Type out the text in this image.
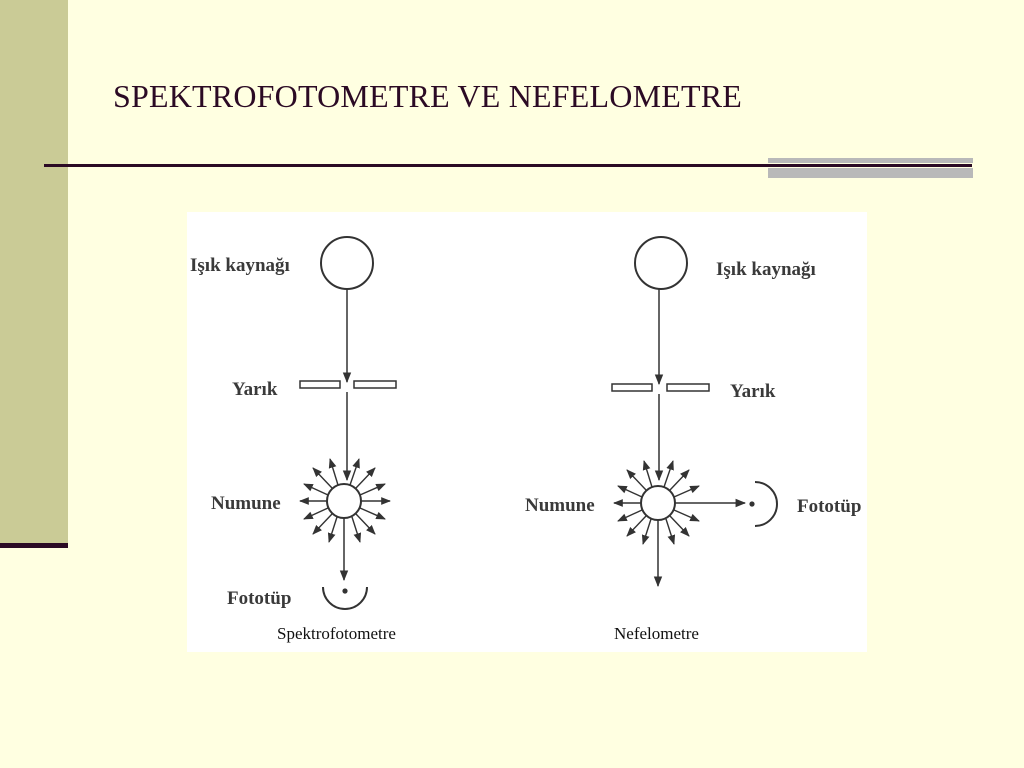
SPEKTROFOTOMETRE VE NEFELOMETRE
Işık kaynağı
Yarık
Numune
Fototüp
Spektrofotometre
Işık kaynağı
Yarık
Numune	Fototüp
Nefelometre
